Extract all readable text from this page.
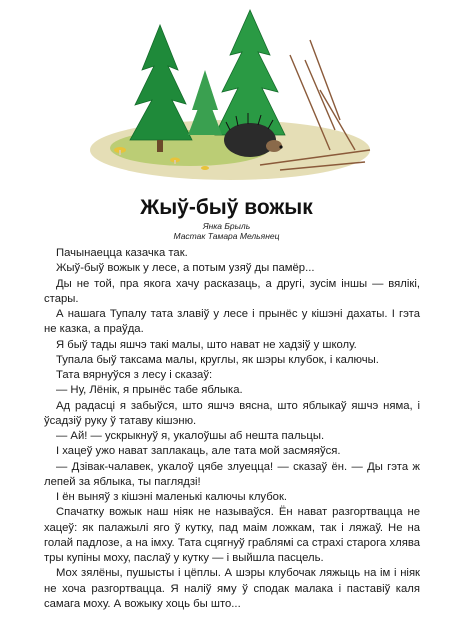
Жыў-быў вожык
Янка Брыль
Мастак Тамара Мельянец

Пачынаецца казачка так.

Жыў-быў вожык у лесе, а потым узяў ды памёр...

Ды не той, пра якога хачу расказаць, а другі, зусім іншы — вялікі, стары.

А нашага Тупалу тата злавіў у лесе і прынёс у кішэні дахаты. І гэта не казка, а праўда.

Я быў тады яшчэ такі малы, што нават не хадзіў у школу.

Тупала быў таксама малы, круглы, як шэры клубок, і калючы.

Тата вярнуўся з лесу і сказаў:

— Ну, Лёнік, я прынёс табе яблыка.

Ад радасці я забыўся, што яшчэ вясна, што яблыкаў яшчэ няма, і ўсадзіў руку ў татаву кішэню.

— Ай! — ускрыкнуў я, укалоўшы аб нешта пальцы.

І хацеў ужо нават заплакаць, але тата мой засмяяўся.

— Дзівак-чалавек, укалоў цябе злуецца! — сказаў ён. — Ды гэта ж лепей за яблыка, ты паглядзі!

І ён выняў з кішэні маленькі калючы клубок.

Спачатку вожык наш ніяк не называўся. Ён нават разгортвацца не хацеў: як палажылі яго ў кутку, пад маім ложкам, так і ляжаў. Не на голай падлозе, а на імху. Тата сцягнуў граблямі са страхі старога хлява тры купіны моху, паслаў у кутку — і выйшла пасцель.

Мох зялёны, пушысты і цёплы. А шэры клубочак ляжыць на ім і ніяк не хоча разгортвацца. Я наліў яму ў сподак малака і паставіў каля самага моху. А вожыку хоць бы што...
